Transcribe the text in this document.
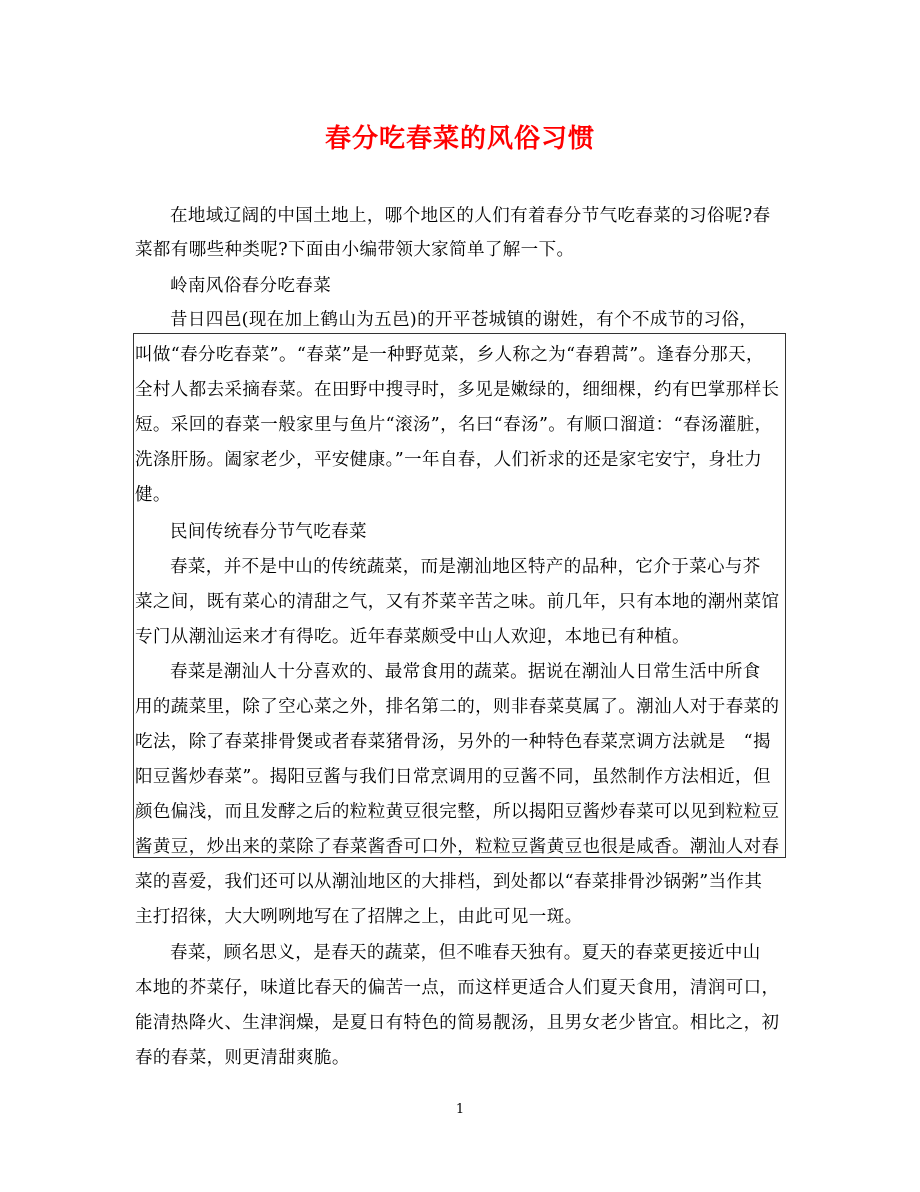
春分吃春菜的风俗习惯
在地域辽阔的中国土地上，哪个地区的人们有着春分节气吃春菜的习俗呢?春
菜都有哪些种类呢?下面由小编带领大家简单了解一下。
岭南风俗春分吃春菜
昔日四邑(现在加上鹤山为五邑)的开平苍城镇的谢姓，有个不成节的习俗，
叫做“春分吃春菜”。“春菜”是一种野苋菜，乡人称之为“春碧蒿”。逢春分那天，
全村人都去采摘春菜。在田野中搜寻时，多见是嫩绿的，细细棵，约有巴掌那样长
短。采回的春菜一般家里与鱼片“滚汤”，名曰“春汤”。有顺口溜道：“春汤灌脏，
洗涤肝肠。阖家老少，平安健康。”一年自春，人们祈求的还是家宅安宁，身壮力
健。
民间传统春分节气吃春菜
春菜，并不是中山的传统蔬菜，而是潮汕地区特产的品种，它介于菜心与芥
菜之间，既有菜心的清甜之气，又有芥菜辛苦之味。前几年，只有本地的潮州菜馆
专门从潮汕运来才有得吃。近年春菜颇受中山人欢迎，本地已有种植。
春菜是潮汕人十分喜欢的、最常食用的蔬菜。据说在潮汕人日常生活中所食
用的蔬菜里，除了空心菜之外，排名第二的，则非春菜莫属了。潮汕人对于春菜的
吃法，除了春菜排骨煲或者春菜猪骨汤，另外的一种特色春菜烹调方法就是　“揭
阳豆酱炒春菜”。揭阳豆酱与我们日常烹调用的豆酱不同，虽然制作方法相近，但
颜色偏浅，而且发酵之后的粒粒黄豆很完整，所以揭阳豆酱炒春菜可以见到粒粒豆
酱黄豆，炒出来的菜除了春菜酱香可口外，粒粒豆酱黄豆也很是咸香。潮汕人对春
菜的喜爱，我们还可以从潮汕地区的大排档，到处都以“春菜排骨沙锅粥”当作其
主打招徕，大大咧咧地写在了招牌之上，由此可见一斑。
春菜，顾名思义，是春天的蔬菜，但不唯春天独有。夏天的春菜更接近中山
本地的芥菜仔，味道比春天的偏苦一点，而这样更适合人们夏天食用，清润可口，
能清热降火、生津润燥，是夏日有特色的简易靓汤，且男女老少皆宜。相比之，初
春的春菜，则更清甜爽脆。
1
